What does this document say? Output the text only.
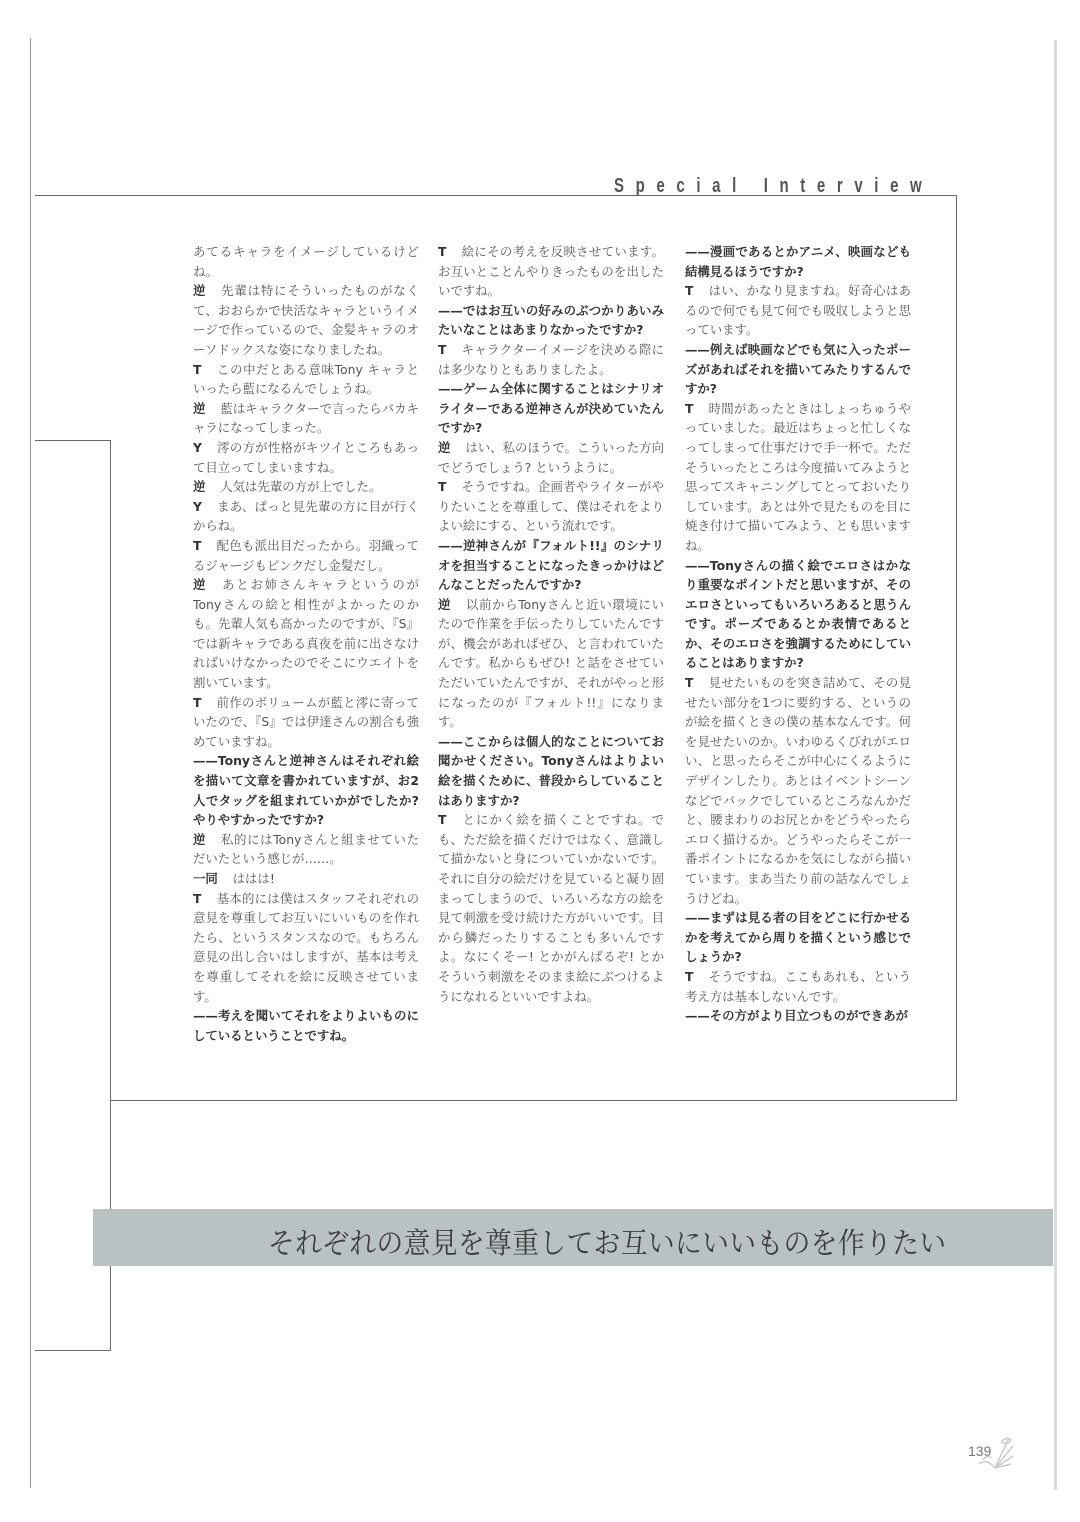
Special Interview

あてるキャラをイメージしているけどね。

逆 先輩は特にそういったものがなくて、おおらかで快活なキャラというイメージで作っているので、金髪キャラのオーソドックスな姿になりましたね。

T この中だとある意味Tony キャラといったら藍になるんでしょうね。

逆 藍はキャラクターで言ったらバカキャラになってしまった。

Y 澪の方が性格がキツイところもあって目立ってしまいますね。

逆 人気は先輩の方が上でした。

Y まあ、ぱっと見先輩の方に目が行くからね。

T 配色も派出目だったから。羽織ってるジャージもピンクだし金髪だし。

逆 あとお姉さんキャラというのがTonyさんの絵と相性がよかったのかも。先輩人気も高かったのですが、『S』では新キャラである真夜を前に出さなければいけなかったのでそこにウエイトを割いています。

T 前作のボリュームが藍と澪に寄っていたので、『S』では伊達さんの割合も強めていますね。

——Tonyさんと逆神さんはそれぞれ絵を描いて文章を書かれていますが、お2人でタッグを組まれていかがでしたか?　やりやすかったですか?

逆 私的にはTonyさんと組ませていただいたという感じが……。

一同 ははは!

T 基本的には僕はスタッフそれぞれの意見を尊重してお互いにいいものを作れたら、というスタンスなので。もちろん意見の出し合いはしますが、基本は考えを尊重してそれを絵に反映させています。

——考えを聞いてそれをよりよいものにしているということですね。

T 絵にその考えを反映させています。お互いとことんやりきったものを出したいですね。

——ではお互いの好みのぶつかりあいみたいなことはあまりなかったですか?

T キャラクターイメージを決める際には多少なりともありましたよ。

——ゲーム全体に関することはシナリオライターである逆神さんが決めていたんですか?

逆 はい、私のほうで。こういった方向でどうでしょう? というように。

T そうですね。企画者やライターがやりたいことを尊重して、僕はそれをよりよい絵にする、という流れです。

——逆神さんが『フォルト!!』のシナリオを担当することになったきっかけはどんなことだったんですか?

逆 以前からTonyさんと近い環境にいたので作業を手伝ったりしていたんですが、機会があればぜひ、と言われていたんです。私からもぜひ! と話をさせていただいていたんですが、それがやっと形になったのが『フォルト!!』になります。

——ここからは個人的なことについてお聞かせください。Tonyさんはよりよい絵を描くために、普段からしていることはありますか?

T とにかく絵を描くことですね。でも、ただ絵を描くだけではなく、意識して描かないと身についていかないです。それに自分の絵だけを見ていると凝り固まってしまうので、いろいろな方の絵を見て刺激を受け続けた方がいいです。目から鱗だったりすることも多いんですよ。なにくそー! とかがんばるぞ! とかそういう刺激をそのまま絵にぶつけるようになれるといいですよね。

——漫画であるとかアニメ、映画なども結構見るほうですか?

T はい、かなり見ますね。好奇心はあるので何でも見て何でも吸収しようと思っています。

——例えば映画などでも気に入ったポーズがあればそれを描いてみたりするんですか?

T 時間があったときはしょっちゅうやっていました。最近はちょっと忙しくなってしまって仕事だけで手一杯で。ただそういったところは今度描いてみようと思ってスキャニングしてとっておいたりしています。あとは外で見たものを目に焼き付けて描いてみよう、とも思いますね。

——Tonyさんの描く絵でエロさはかなり重要なポイントだと思いますが、そのエロさといってもいろいろあると思うんです。ポーズであるとか表情であるとか、そのエロさを強調するためにしていることはありますか?

T 見せたいものを突き詰めて、その見せたい部分を1つに要約する、というのが絵を描くときの僕の基本なんです。何を見せたいのか。いわゆるくびれがエロい、と思ったらそこが中心にくるようにデザインしたり。あとはイベントシーンなどでバックでしているところなんかだと、腰まわりのお尻とかをどうやったらエロく描けるか。どうやったらそこが一番ポイントになるかを気にしながら描いています。まあ当たり前の話なんでしょうけどね。

——まずは見る者の目をどこに行かせるかを考えてから周りを描くという感じでしょうか?

T そうですね。ここもあれも、という考え方は基本しないんです。

——その方がより目立つものができあが

それぞれの意見を尊重してお互いにいいものを作りたい
139
